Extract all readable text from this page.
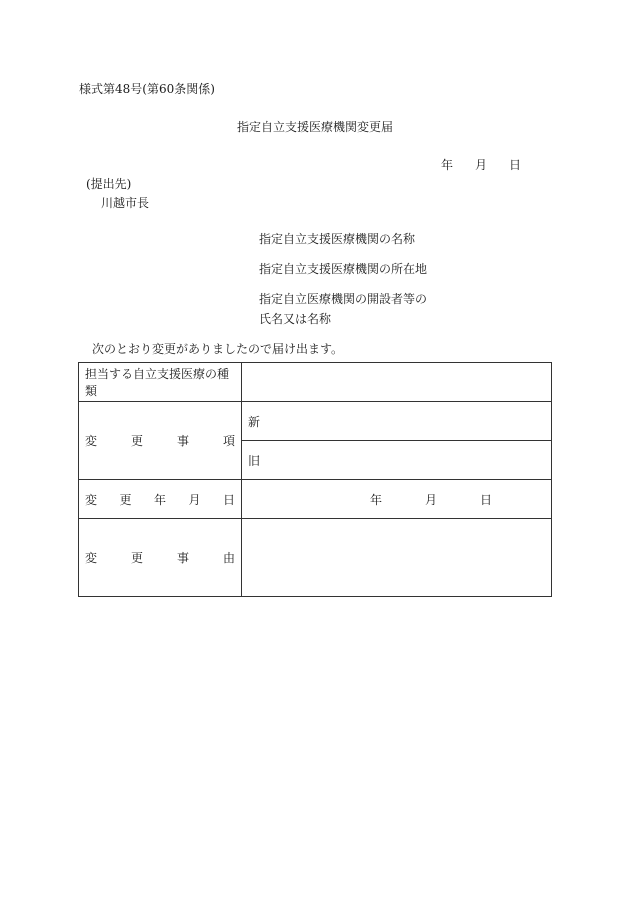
様式第48号(第60条関係)
指定自立支援医療機関変更届
年 月 日
(提出先)
川越市長
指定自立支援医療機関の名称
指定自立支援医療機関の所在地
指定自立医療機関の開設者等の
氏名又は名称
次のとおり変更がありましたので届け出ます。
担当する自立支援医療の種類	

変 更 事 項	新
	旧

変 更 年 月 日	年 月 日

変 更 事 由	
